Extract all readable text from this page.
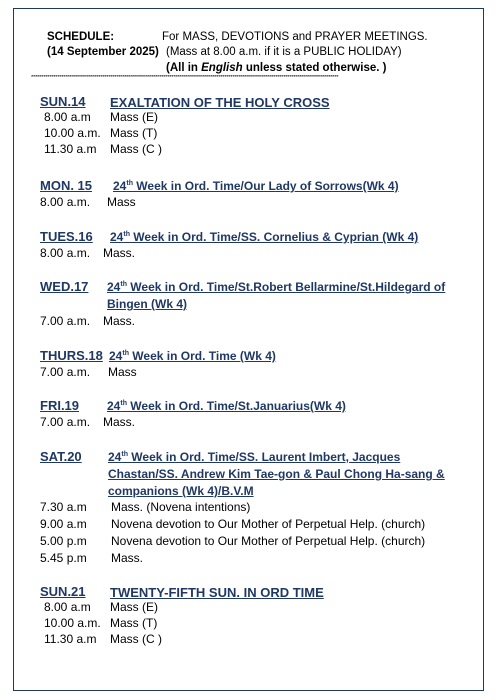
SCHEDULE:
(14 September 2025)
For MASS, DEVOTIONS and PRAYER MEETINGS.
(Mass at 8.00 a.m. if it is a PUBLIC HOLIDAY)
(All in English unless stated otherwise. )
*******************************************************************************************************************************************************
SUN.14 EXALTATION OF THE HOLY CROSS
8.00 a.m Mass (E)
10.00 a.m. Mass (T)
11.30 a.m Mass (C )
MON. 15 24th Week in Ord. Time/Our Lady of Sorrows(Wk 4)
8.00 a.m. Mass
TUES.16 24th Week in Ord. Time/SS. Cornelius & Cyprian (Wk 4)
8.00 a.m. Mass.
WED.17 24th Week in Ord. Time/St.Robert Bellarmine/St.Hildegard of
Bingen (Wk 4)
7.00 a.m. Mass.
THURS.18 24th Week in Ord. Time (Wk 4)
7.00 a.m. Mass
FRI.19 24th Week in Ord. Time/St.Januarius(Wk 4)
7.00 a.m. Mass.
SAT.20 24th Week in Ord. Time/SS. Laurent Imbert, Jacques
Chastan/SS. Andrew Kim Tae-gon & Paul Chong Ha-sang &
companions (Wk 4)/B.V.M
7.30 a.m Mass. (Novena intentions)
9.00 a.m Novena devotion to Our Mother of Perpetual Help. (church)
5.00 p.m Novena devotion to Our Mother of Perpetual Help. (church)
5.45 p.m Mass.
SUN.21 TWENTY-FIFTH SUN. IN ORD TIME
8.00 a.m Mass (E)
10.00 a.m. Mass (T)
11.30 a.m Mass (C )
